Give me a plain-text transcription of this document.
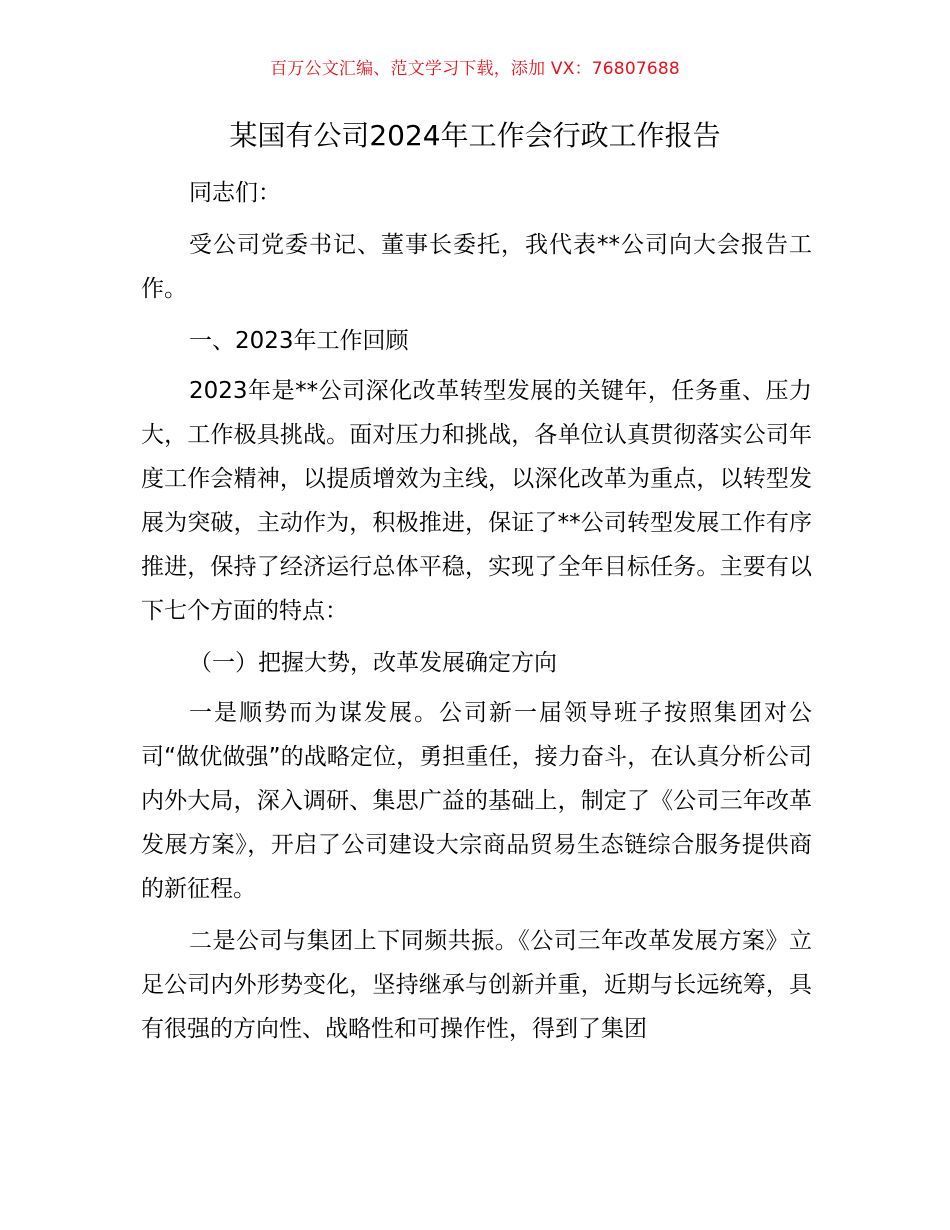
百万公文汇编、范文学习下载，添加 VX：76807688
某国有公司2024年工作会行政工作报告

同志们：

受公司党委书记、董事长委托，我代表**公司向大会报告工作。

一、2023年工作回顾

2023年是**公司深化改革转型发展的关键年，任务重、压力大，工作极具挑战。面对压力和挑战，各单位认真贯彻落实公司年度工作会精神，以提质增效为主线，以深化改革为重点，以转型发展为突破，主动作为，积极推进，保证了**公司转型发展工作有序推进，保持了经济运行总体平稳，实现了全年目标任务。主要有以下七个方面的特点：

（一）把握大势，改革发展确定方向

一是顺势而为谋发展。公司新一届领导班子按照集团对公司“做优做强”的战略定位，勇担重任，接力奋斗，在认真分析公司内外大局，深入调研、集思广益的基础上，制定了《公司三年改革发展方案》，开启了公司建设大宗商品贸易生态链综合服务提供商的新征程。

二是公司与集团上下同频共振。《公司三年改革发展方案》立足公司内外形势变化，坚持继承与创新并重，近期与长远统筹，具有很强的方向性、战略性和可操作性，得到了集团
